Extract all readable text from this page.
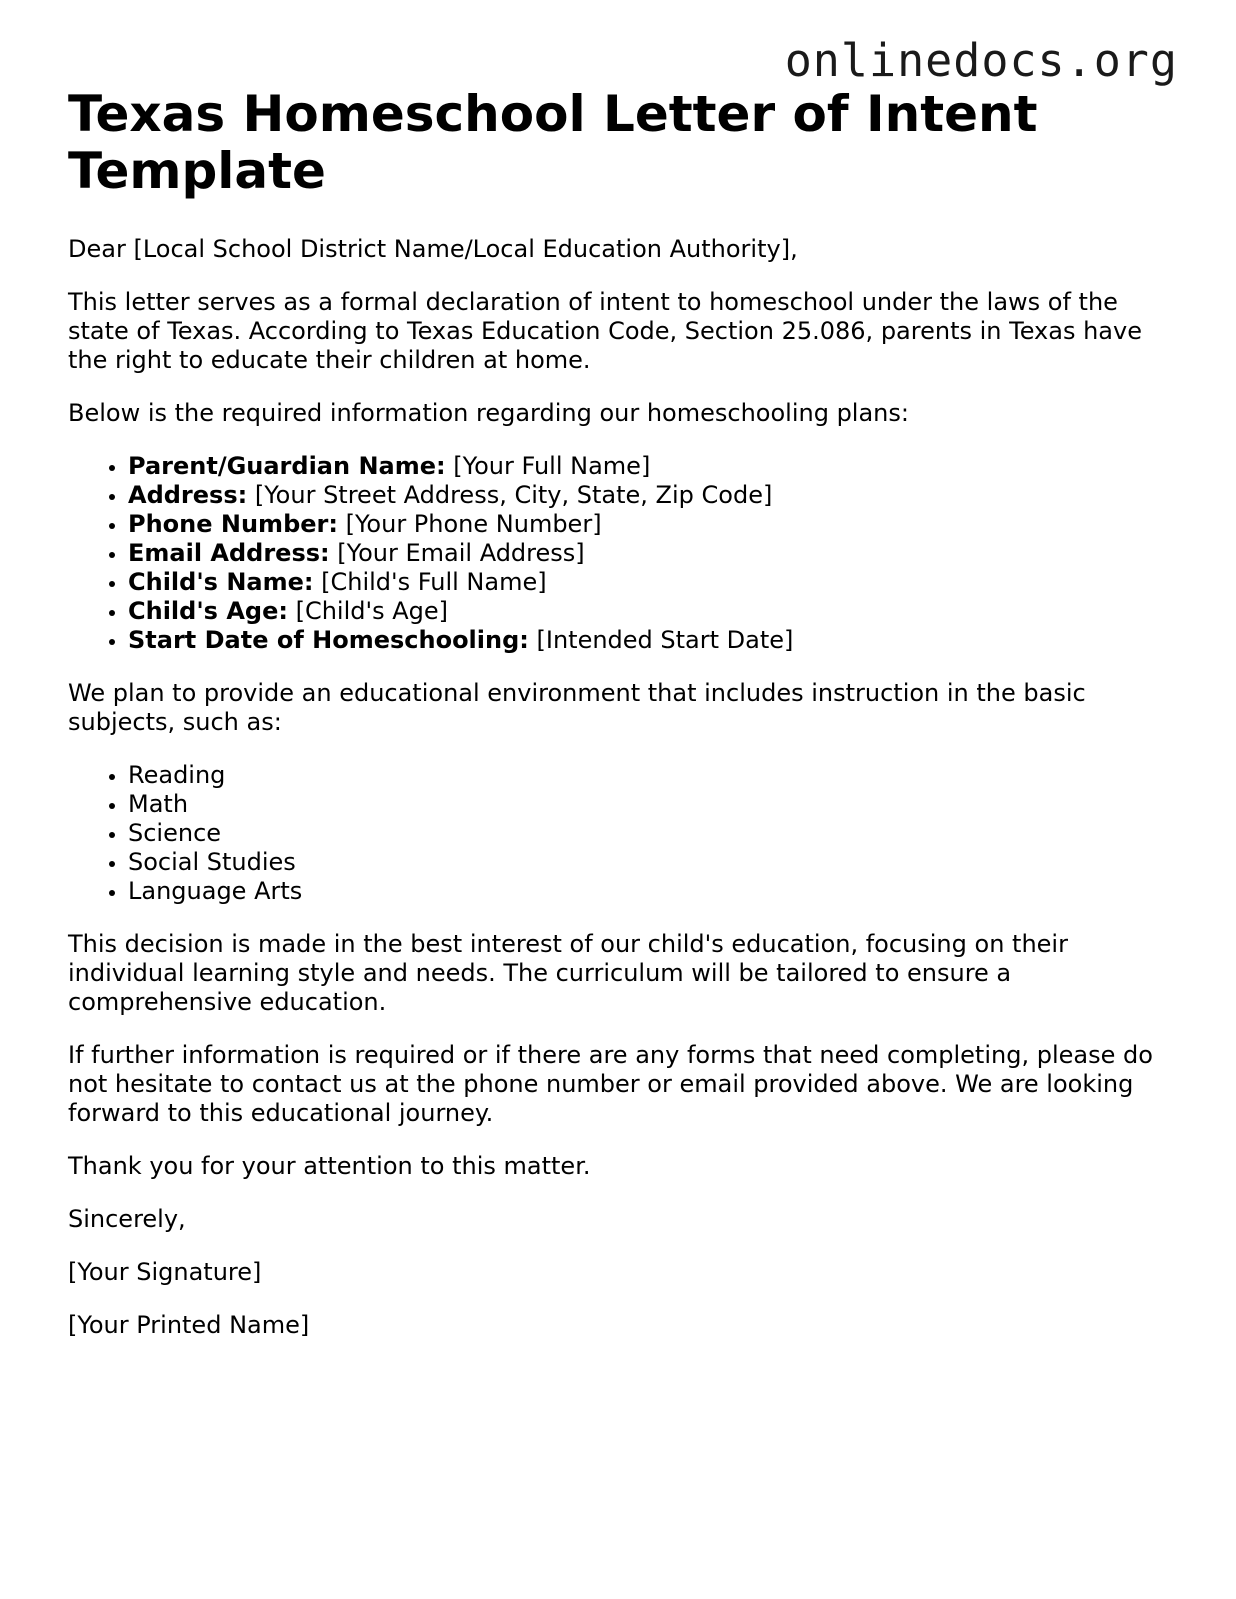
onlinedocs.org
Texas Homeschool Letter of Intent Template

Dear [Local School District Name/Local Education Authority],

This letter serves as a formal declaration of intent to homeschool under the laws of the state of Texas. According to Texas Education Code, Section 25.086, parents in Texas have the right to educate their children at home.

Below is the required information regarding our homeschooling plans:

• Parent/Guardian Name: [Your Full Name]
• Address: [Your Street Address, City, State, Zip Code]
• Phone Number: [Your Phone Number]
• Email Address: [Your Email Address]
• Child's Name: [Child's Full Name]
• Child's Age: [Child's Age]
• Start Date of Homeschooling: [Intended Start Date]

We plan to provide an educational environment that includes instruction in the basic subjects, such as:

• Reading
• Math
• Science
• Social Studies
• Language Arts

This decision is made in the best interest of our child's education, focusing on their individual learning style and needs. The curriculum will be tailored to ensure a comprehensive education.

If further information is required or if there are any forms that need completing, please do not hesitate to contact us at the phone number or email provided above. We are looking forward to this educational journey.

Thank you for your attention to this matter.

Sincerely,

[Your Signature]

[Your Printed Name]
